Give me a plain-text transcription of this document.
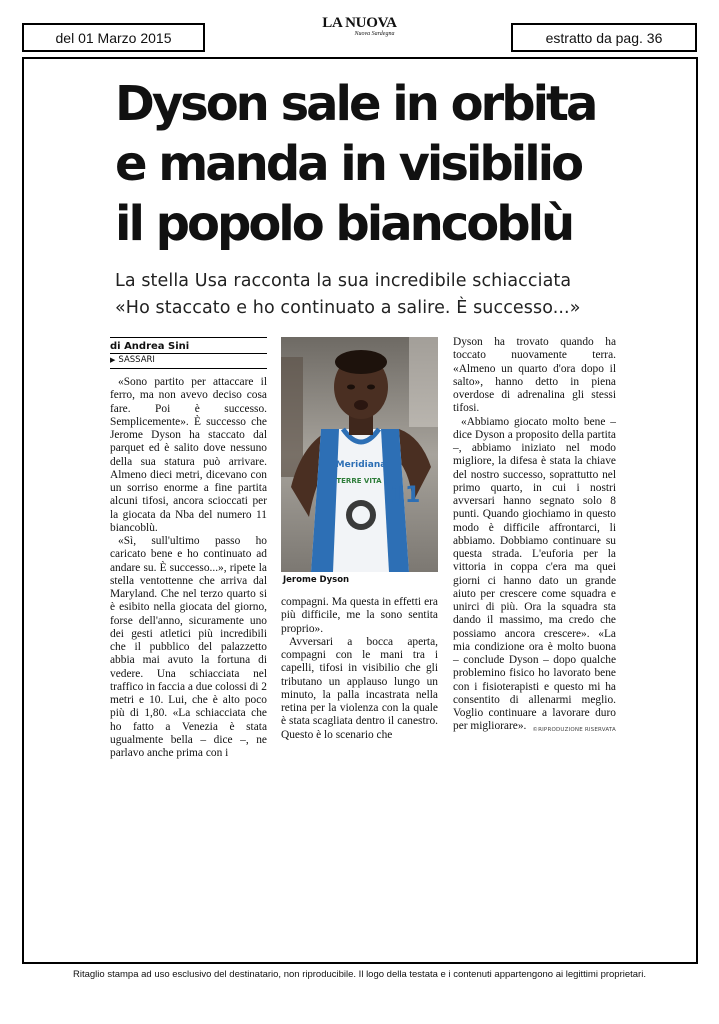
del 01 Marzo 2015
LA NUOVA
Nuova Sardegna	estratto da pag. 36
Dyson sale in orbita
e manda in visibilio
il popolo biancoblù
La stella Usa racconta la sua incredibile schiacciata
«Ho staccato e ho continuato a salire. È successo...»
di Andrea Sini
▶ SASSARI

«Sono partito per attaccare il ferro, ma non avevo deciso cosa fare. Poi è successo. Semplicemente». È successo che Jerome Dyson ha staccato dal parquet ed è salito dove nessuno della sua statura può arrivare. Almeno dieci metri, dicevano con un sorriso enorme a fine partita alcuni tifosi, ancora scioccati per la giocata da Nba del numero 11 biancoblù.

«Sì, sull'ultimo passo ho caricato bene e ho continuato ad andare su. È successo...», ripete la stella ventottenne che arriva dal Maryland. Che nel terzo quarto si è esibito nella giocata del giorno, forse dell'anno, sicuramente uno dei gesti atletici più incredibili che il pubblico del palazzetto abbia mai avuto la fortuna di vedere. Una schiacciata nel traffico in faccia a due colossi di 2 metri e 10. Lui, che è alto poco più di 1,80. «La schiacciata che ho fatto a Venezia è stata ugualmente bella – dice –, ne parlavo anche prima con i

Meridiana
TERRE VITA
11
Jerome Dyson

compagni. Ma questa in effetti era più difficile, me la sono sentita proprio».

Avversari a bocca aperta, compagni con le mani tra i capelli, tifosi in visibilio che gli tributano un applauso lungo un minuto, la palla incastrata nella retina per la violenza con la quale è stata scagliata dentro il canestro. Questo è lo scenario che

Dyson ha trovato quando ha toccato nuovamente terra. «Almeno un quarto d'ora dopo il salto», hanno detto in piena overdose di adrenalina gli stessi tifosi.

«Abbiamo giocato molto bene – dice Dyson a proposito della partita –, abbiamo iniziato nel modo migliore, la difesa è stata la chiave del nostro successo, soprattutto nel primo quarto, in cui i nostri avversari hanno segnato solo 8 punti. Quando giochiamo in questo modo è difficile affrontarci, li abbiamo. Dobbiamo continuare su questa strada. L'euforia per la vittoria in coppa c'era ma quei giorni ci hanno dato un grande aiuto per crescere come squadra e unirci di più. Ora la squadra sta dando il massimo, ma credo che possiamo ancora crescere». «La mia condizione ora è molto buona – conclude Dyson – dopo qualche problemino fisico ho lavorato bene con i fisioterapisti e questo mi ha consentito di allenarmi meglio. Voglio continuare a lavorare duro per migliorare».	©RIPRODUZIONE RISERVATA
Ritaglio stampa ad uso esclusivo del destinatario, non riproducibile. Il logo della testata e i contenuti appartengono ai legittimi proprietari.
